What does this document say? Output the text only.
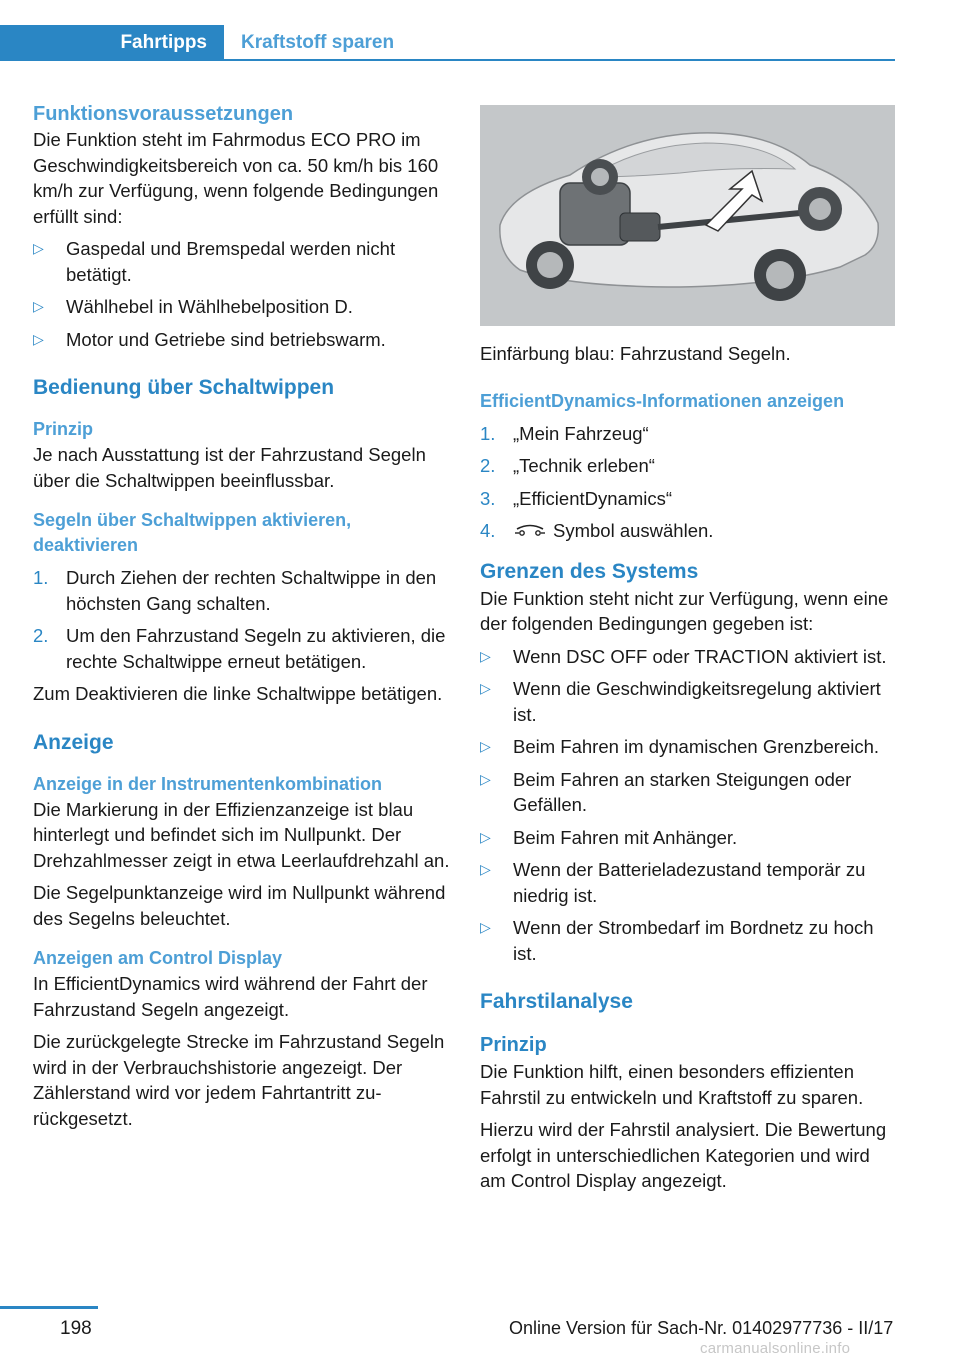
Fahrtipps	Kraftstoff sparen
Funktionsvoraussetzungen
Die Funktion steht im Fahrmodus ECO PRO im Geschwindigkeitsbereich von ca. 50 km/h bis 160 km/h zur Verfügung, wenn folgende Bedingungen erfüllt sind:
▷ Gaspedal und Bremspedal werden nicht betätigt.
▷ Wählhebel in Wählhebelposition D.
▷ Motor und Getriebe sind betriebswarm.
Bedienung über Schaltwippen
Prinzip
Je nach Ausstattung ist der Fahrzustand Segeln über die Schaltwippen beeinflussbar.
Segeln über Schaltwippen aktivieren, deaktivieren
1. Durch Ziehen der rechten Schaltwippe in den höchsten Gang schalten.
2. Um den Fahrzustand Segeln zu aktivieren, die rechte Schaltwippe erneut betätigen.
Zum Deaktivieren die linke Schaltwippe betätigen.
Anzeige
Anzeige in der Instrumentenkombination
Die Markierung in der Effizienzanzeige ist blau hinterlegt und befindet sich im Nullpunkt. Der Drehzahlmesser zeigt in etwa Leerlaufdrehzahl an.
Die Segelpunktanzeige wird im Nullpunkt während des Segelns beleuchtet.
Anzeigen am Control Display
In EfficientDynamics wird während der Fahrt der Fahrzustand Segeln angezeigt.
Die zurückgelegte Strecke im Fahrzustand Segeln wird in der Verbrauchshistorie angezeigt. Der Zählerstand wird vor jedem Fahrtantritt zurückgesetzt.
Einfärbung blau: Fahrzustand Segeln.
EfficientDynamics-Informationen anzeigen
1. „Mein Fahrzeug“
2. „Technik erleben“
3. „EfficientDynamics“
4.	Symbol auswählen.
Grenzen des Systems
Die Funktion steht nicht zur Verfügung, wenn eine der folgenden Bedingungen gegeben ist:
▷ Wenn DSC OFF oder TRACTION aktiviert ist.
▷ Wenn die Geschwindigkeitsregelung aktiviert ist.
▷ Beim Fahren im dynamischen Grenzbereich.
▷ Beim Fahren an starken Steigungen oder Gefällen.
▷ Beim Fahren mit Anhänger.
▷ Wenn der Batterieladezustand temporär zu niedrig ist.
▷ Wenn der Strombedarf im Bordnetz zu hoch ist.
Fahrstilanalyse
Prinzip
Die Funktion hilft, einen besonders effizienten Fahrstil zu entwickeln und Kraftstoff zu sparen.
Hierzu wird der Fahrstil analysiert. Die Bewertung erfolgt in unterschiedlichen Kategorien und wird am Control Display angezeigt.
198	Online Version für Sach-Nr. 01402977736 - II/17
carmanualsonline.info
